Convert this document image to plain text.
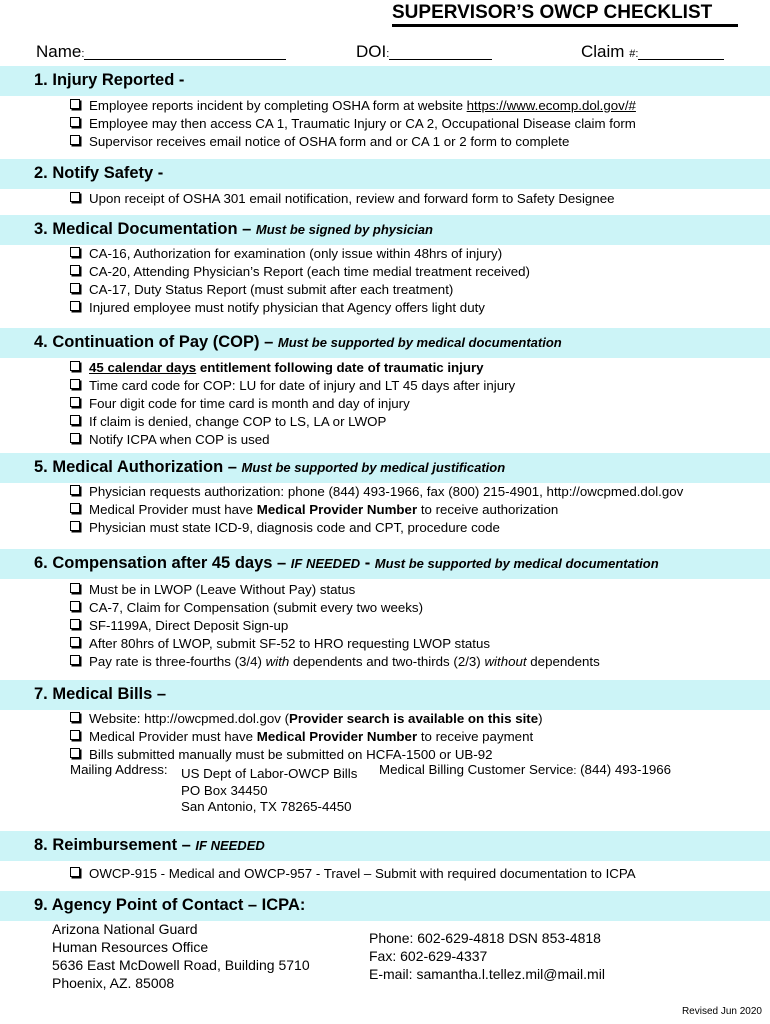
SUPERVISOR’S OWCP CHECKLIST
Name:	DOI:	Claim #:
1. Injury Reported -
Employee reports incident by completing OSHA form at website https://www.ecomp.dol.gov/#
Employee may then access CA 1, Traumatic Injury or CA 2, Occupational Disease claim form
Supervisor receives email notice of OSHA form and or CA 1 or 2 form to complete
2. Notify Safety -
Upon receipt of OSHA 301 email notification, review and forward form to Safety Designee
3. Medical Documentation – Must be signed by physician
CA-16, Authorization for examination (only issue within 48hrs of injury)
CA-20, Attending Physician’s Report (each time medial treatment received)
CA-17, Duty Status Report (must submit after each treatment)
Injured employee must notify physician that Agency offers light duty
4. Continuation of Pay (COP) – Must be supported by medical documentation
45 calendar days entitlement following date of traumatic injury
Time card code for COP: LU for date of injury and LT 45 days after injury
Four digit code for time card is month and day of injury
If claim is denied, change COP to LS, LA or LWOP
Notify ICPA when COP is used
5. Medical Authorization – Must be supported by medical justification
Physician requests authorization: phone (844) 493-1966, fax (800) 215-4901, http://owcpmed.dol.gov
Medical Provider must have Medical Provider Number to receive authorization
Physician must state ICD-9, diagnosis code and CPT, procedure code
6. Compensation after 45 days – IF NEEDED - Must be supported by medical documentation
Must be in LWOP (Leave Without Pay) status
CA-7, Claim for Compensation (submit every two weeks)
SF-1199A, Direct Deposit Sign-up
After 80hrs of LWOP, submit SF-52 to HRO requesting LWOP status
Pay rate is three-fourths (3/4) with dependents and two-thirds (2/3) without dependents
7. Medical Bills –
Website: http://owcpmed.dol.gov (Provider search is available on this site)
Medical Provider must have Medical Provider Number to receive payment
Bills submitted manually must be submitted on HCFA-1500 or UB-92
Mailing Address: US Dept of Labor-OWCP Bills
PO Box 34450
San Antonio, TX 78265-4450
Medical Billing Customer Service: (844) 493-1966
8. Reimbursement – IF NEEDED
OWCP-915 - Medical and OWCP-957 - Travel – Submit with required documentation to ICPA
9. Agency Point of Contact – ICPA:
Arizona National Guard
Human Resources Office
5636 East McDowell Road, Building 5710
Phoenix, AZ. 85008
Phone: 602-629-4818 DSN 853-4818
Fax: 602-629-4337
E-mail: samantha.l.tellez.mil@mail.mil
Revised Jun 2020
